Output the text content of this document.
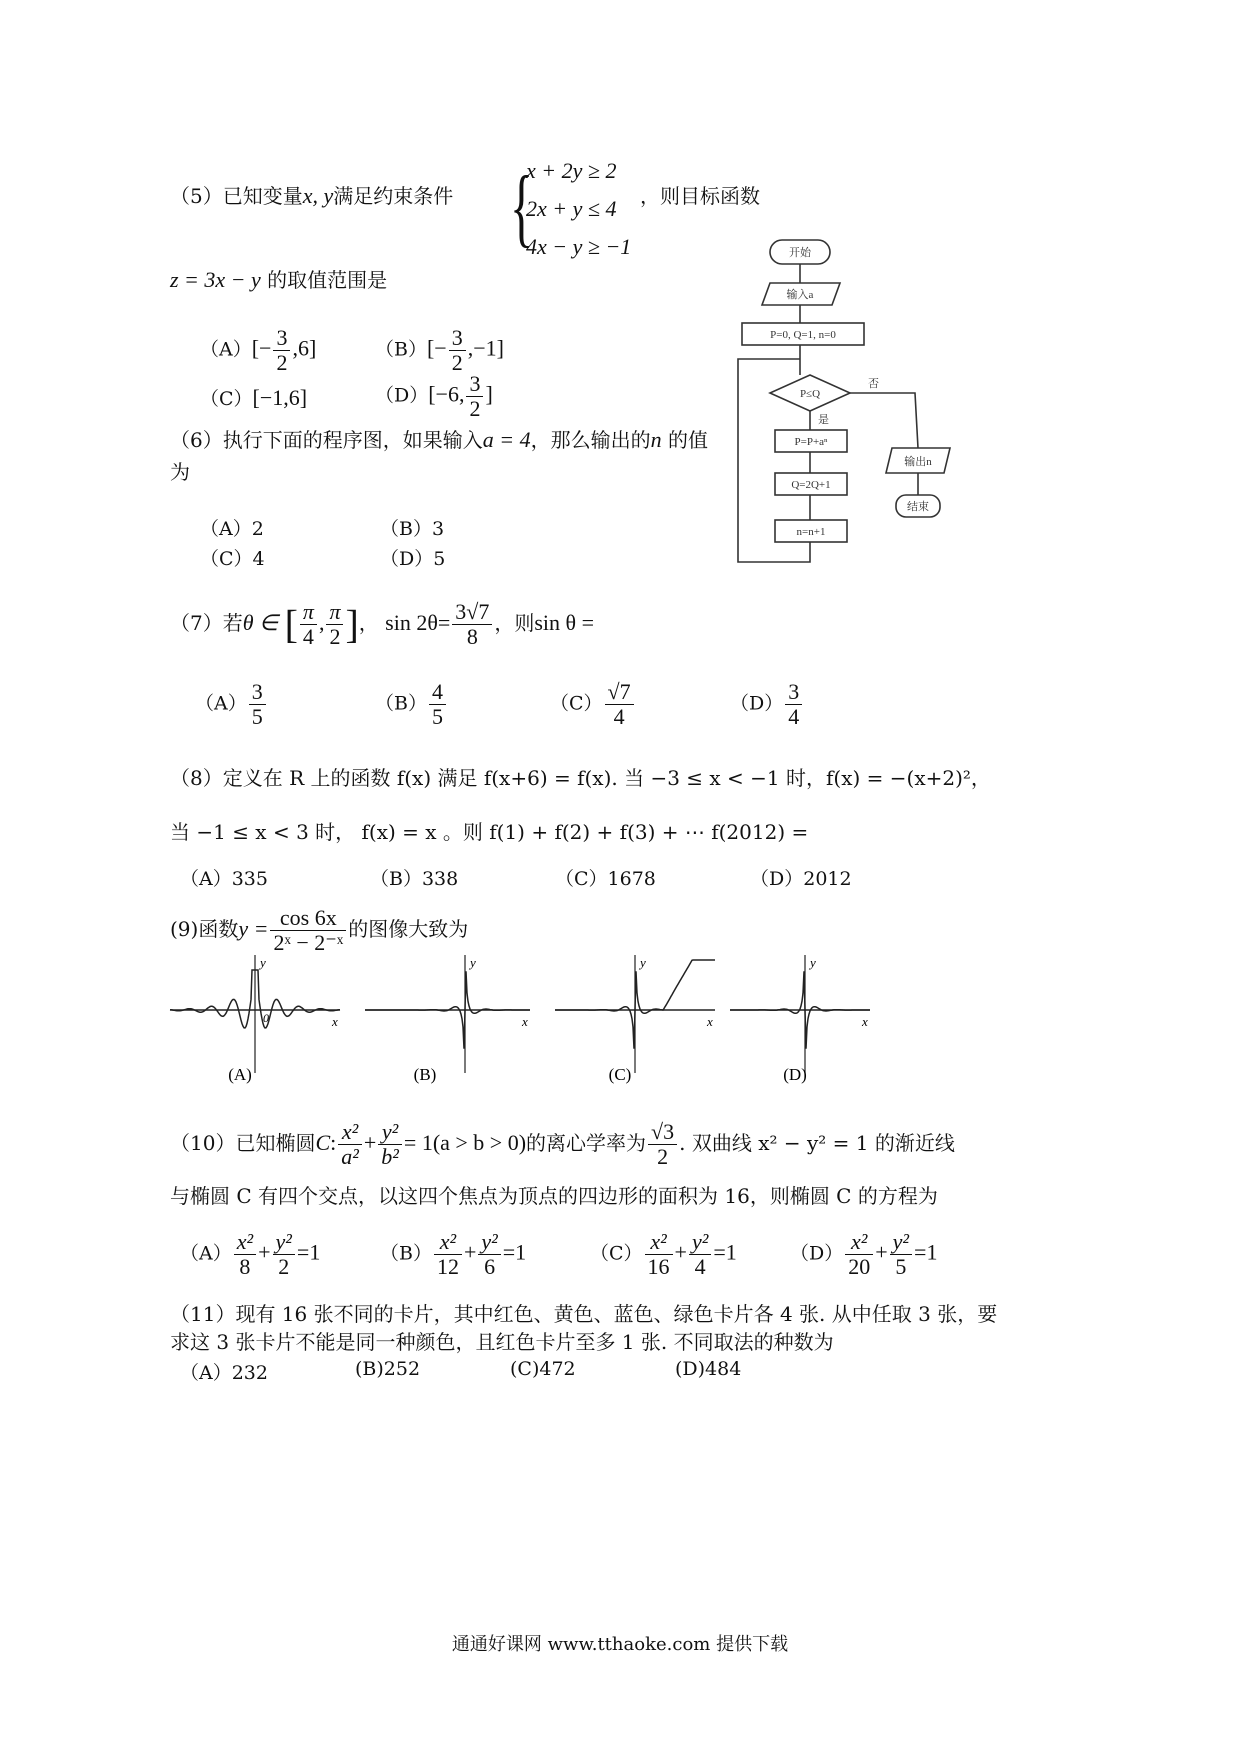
（5）已知变量x, y满足约束条件 {
x + 2y ≥ 2
2x + y ≤ 4
4x − y ≥ −1
，则目标函数
z = 3x − y 的取值范围是
$(A)[- \frac{3}{2} ,6]$	$(B)[- \frac{3}{2} ,-1]$
（C）[−1,6]	（D）[−6, $\frac{3}{2}$ ]
开始
输入a
P=0, Q=1, n=0
P≤Q
是
否
P=P+aⁿ
Q=2Q+1
n=n+1
输出n
结束
（6）执行下面的程序图，如果输入a = 4，那么输出的n 的值
为
（A）2	（B）3
（C）4	（D）5
（7）若θ ∈ [ $\frac{\pi}{4}$ , $\frac{\pi}{2}$ ]， $\sin 2\theta= \frac{3√7}{8}$ ，则sin θ =
$(A) \frac{3}{5}$	$(B) \frac{4}{5}$	$(C) \frac{√7}{4}$	$(D) \frac{3}{4}$
（8）定义在 R 上的函数 f(x) 满足 f(x+6) = f(x). 当 −3 ≤ x < −1 时，f(x) = −(x+2)²，
当 −1 ≤ x < 3 时， f(x) = x 。则 f(1) + f(2) + f(3) + ⋯ f(2012) =
（A）335	（B）338	（C）1678	（D）2012
(9)函数$y = \frac{\cos 6x}{\text{2ˣ − 2⁻ˣ}}$ 的图像大致为
x
y
0
(A)
x
y
(B)
x
y
(C)
x
y
(D)
（10）已知椭圆C: $\frac{\text{x²}}{\text{a²}} + \frac{\text{y²}}{\text{b²}} = 1(a > b > 0)$的离心学率为 $\frac{√3}{2}$ . 双曲线 x² − y² = 1 的渐近线
与椭圆 C 有四个交点，以这四个焦点为顶点的四边形的面积为 16，则椭圆 C 的方程为
$(A) \frac{\text{x²}}{8} + \frac{\text{y²}}{2} =1$	$(B) \frac{\text{x²}}{12} + \frac{\text{y²}}{6} =1$	$(C) \frac{\text{x²}}{16} + \frac{\text{y²}}{4} =1$	$(D) \frac{\text{x²}}{20} + \frac{\text{y²}}{5} =1$
（11）现有 16 张不同的卡片，其中红色、黄色、蓝色、绿色卡片各 4 张. 从中任取 3 张，要
求这 3 张卡片不能是同一种颜色，且红色卡片至多 1 张. 不同取法的种数为
（A）232	(B)252	(C)472	(D)484
通通好课网 www.tthaoke.com 提供下载
